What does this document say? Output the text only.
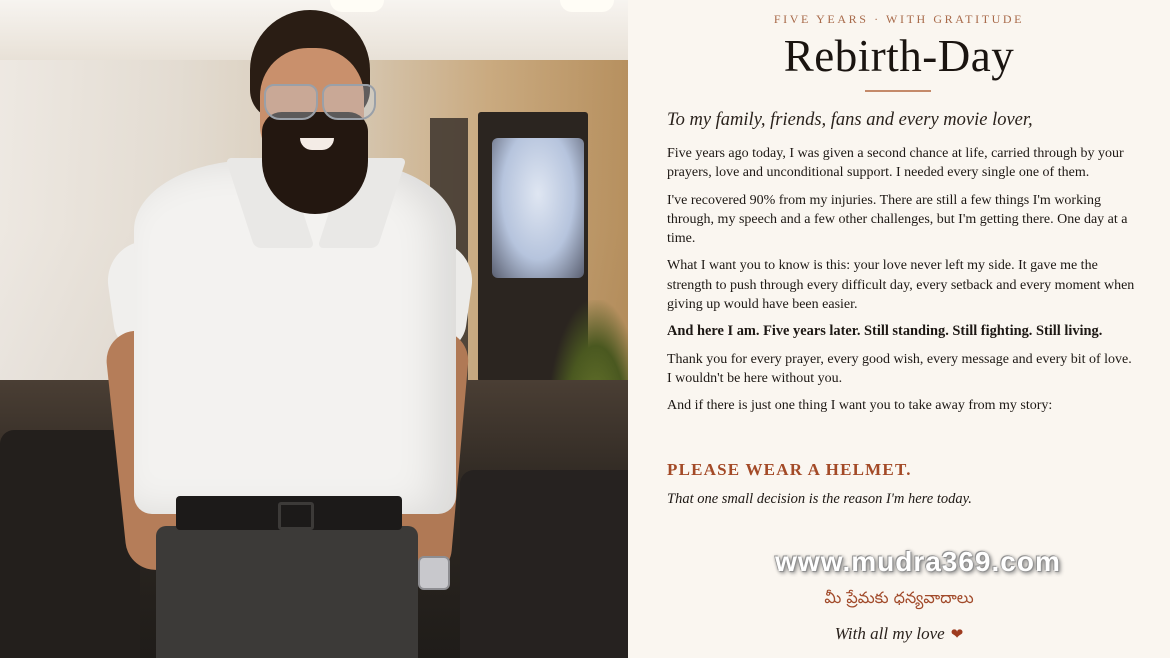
FIVE YEARS · WITH GRATITUDE
Rebirth-Day
To my family, friends, fans and every movie lover,

Five years ago today, I was given a second chance at life, carried through by your prayers, love and unconditional support. I needed every single one of them.

I've recovered 90% from my injuries. There are still a few things I'm working through, my speech and a few other challenges, but I'm getting there. One day at a time.

What I want you to know is this: your love never left my side. It gave me the strength to push through every difficult day, every setback and every moment when giving up would have been easier.

And here I am. Five years later. Still standing. Still fighting. Still living.

Thank you for every prayer, every good wish, every message and every bit of love. I wouldn't be here without you.

And if there is just one thing I want you to take away from my story:

PLEASE WEAR A HELMET.
That one small decision is the reason I'm here today.
www.mudra369.com
మీ ప్రేమకు ధన్యవాదాలు
With all my love ❤
